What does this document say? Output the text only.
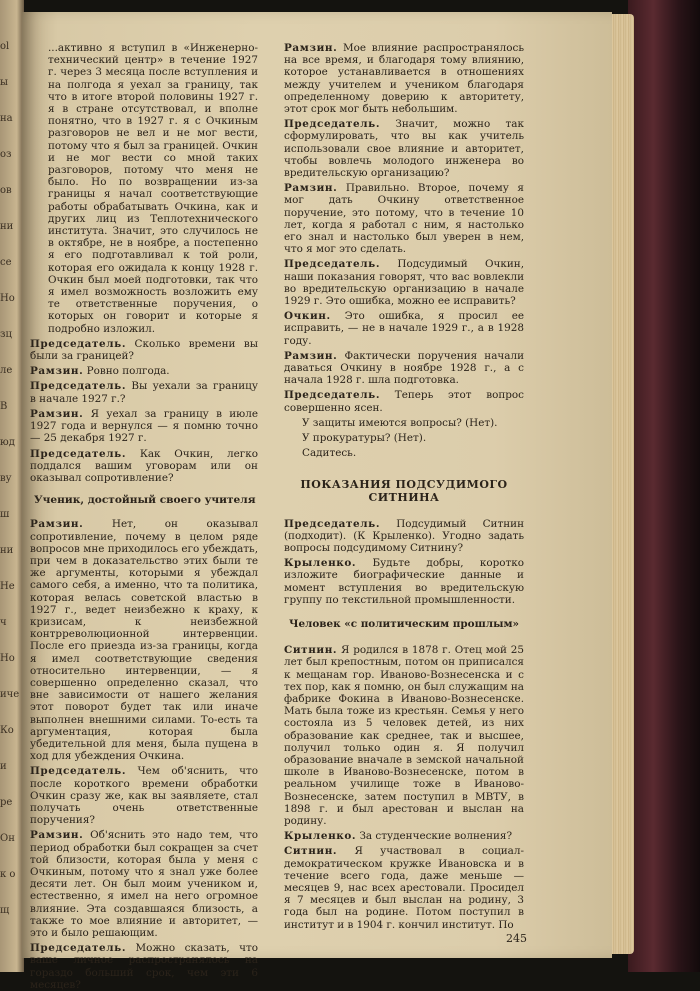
ol
ы
на
оз
ов
ни
се
Но
зц
ле
В
юд
ву
ш
ни
Не
ч
Но
иче
Ко
и
ре
Он
к о
щ

...активно я вступил в «Инженерно-технический центр» в течение 1927 г. через 3 месяца после вступления и на полгода я уехал за границу, так что в итоге второй половины 1927 г. я в стране отсутствовал, и вполне понятно, что в 1927 г. я с Очкиным разговоров не вел и не мог вести, потому что я был за границей. Очкин и не мог вести со мной таких разговоров, потому что меня не было. Но по возвращении из-за границы я начал соответствующие работы обрабатывать Очкина, как и других лиц из Теплотехнического института. Значит, это случилось не в октябре, не в ноябре, а постепенно я его подготавливал к той роли, которая его ожидала к концу 1928 г. Очкин был моей подготовки, так что я имел возможность возложить ему те ответственные поручения, о которых он говорит и которые я подробно изложил.

Председатель. Сколько времени вы были за границей?

Рамзин. Ровно полгода.

Председатель. Вы уехали за границу в начале 1927 г.?

Рамзин. Я уехал за границу в июле 1927 года и вернулся — я помню точно — 25 декабря 1927 г.

Председатель. Как Очкин, легко поддался вашим уговорам или он оказывал сопротивление?

Ученик, достойный своего учителя

Рамзин.	Нет, он оказывал сопротивление, почему в целом ряде вопросов мне приходилось его убеждать, при чем в доказательство этих были те же аргументы, которыми я убеждал самого себя, а именно, что та политика, которая велась советской властью в 1927 г., ведет неизбежно к краху, к кризисам, к неизбежной контрреволюционной интервенции. После его приезда из-за границы, когда я имел соответствующие сведения относительно интервенции, — я совершенно определенно сказал, что вне зависимости от нашего желания этот поворот будет так или иначе выполнен внешними силами. То-есть та аргументация, которая была убедительной для меня, была пущена в ход для убеждения Очкина.

Председатель. Чем об'яснить, что после короткого времени обработки Очкин сразу же, как вы заявляете, стал получать очень ответственные поручения?

Рамзин. Об'яснить это надо тем, что период обработки был сокращен за счет той близости, которая была у меня с Очкиным, потому что я знал уже более десяти лет. Он был моим учеником и, естественно, я имел на него огромное влияние. Эта создавшаяся близость, а также то мое влияние и авторитет, — это и было решающим.

Председатель. Можно сказать, что ваше личное распространялось на гораздо больший срок, чем эти 6 месяцев?

Рамзин. Мое влияние распространялось на все время, и благодаря тому влиянию, которое устанавливается в отношениях между учителем и учеником благодаря определенному доверию к авторитету, этот срок мог быть небольшим.

Председатель. Значит, можно так сформулировать, что вы как учитель использовали свое влияние и авторитет, чтобы вовлечь молодого инженера во вредительскую организацию?

Рамзин. Правильно. Второе, почему я мог дать Очкину ответственное поручение, это потому, что в течение 10 лет, когда я работал с ним, я настолько его знал и настолько был уверен в нем, что я мог это сделать.

Председатель. Подсудимый Очкин, наши показания говорят, что вас вовлекли во вредительскую организацию в начале 1929 г. Это ошибка, можно ее исправить?

Очкин. Это ошибка, я просил ее исправить, — не в начале 1929 г., а в 1928 году.

Рамзин. Фактически поручения начали даваться Очкину в ноябре 1928 г., а с начала 1928 г. шла подготовка.

Председатель. Теперь этот вопрос совершенно ясен.

У защиты имеются вопросы? (Нет).

У прокуратуры? (Нет).

Садитесь.

ПОКАЗАНИЯ ПОДСУДИМОГО СИТНИНА

Председатель. Подсудимый Ситнин (подходит). (К Крыленко). Угодно задать вопросы подсудимому Ситнину?

Крыленко. Будьте добры, коротко изложите биографические данные и момент вступления во вредительскую группу по текстильной промышленности.

Человек «с политическим прошлым»

Ситнин. Я родился в 1878 г. Отец мой 25 лет был крепостным, потом он приписался к мещанам гор. Иваново-Вознесенска и с тех пор, как я помню, он был служащим на фабрике Фокина в Иваново-Вознесенске. Мать была тоже из крестьян. Семья у него состояла из 5 человек детей, из них образование как среднее, так и высшее, получил только один я. Я получил образование вначале в земской начальной школе в Иваново-Вознесенске, потом в реальном училище тоже в Иваново-Вознесенске, затем поступил в МВТУ, в 1898 г. и был арестован и выслан на родину.

Крыленко. За студенческие волнения?

Ситнин. Я участвовал в социал-демократическом кружке Ивановска и в течение всего года, даже меньше — месяцев 9, нас всех арестовали. Просидел я 7 месяцев и был выслан на родину, 3 года был на родине. Потом поступил в институт и в 1904 г. кончил институт. По

245
